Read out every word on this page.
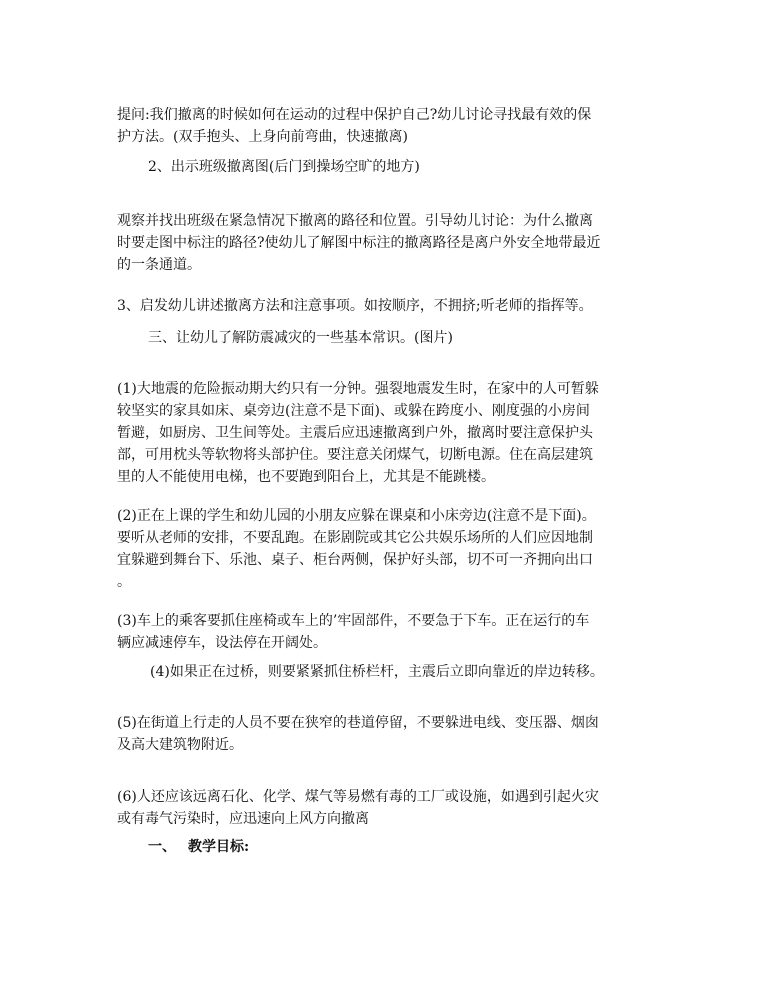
提问:我们撤离的时候如何在运动的过程中保护自己?幼儿讨论寻找最有效的保
护方法。(双手抱头、上身向前弯曲，快速撤离)

2、出示班级撤离图(后门到操场空旷的地方)

观察并找出班级在紧急情况下撤离的路径和位置。引导幼儿讨论：为什么撤离
时要走图中标注的路径?使幼儿了解图中标注的撤离路径是离户外安全地带最近
的一条通道。

3、启发幼儿讲述撤离方法和注意事项。如按顺序，不拥挤;听老师的指挥等。

三、让幼儿了解防震减灾的一些基本常识。(图片)

(1)大地震的危险振动期大约只有一分钟。强裂地震发生时，在家中的人可暂躲
较坚实的家具如床、桌旁边(注意不是下面)、或躲在跨度小、刚度强的小房间
暂避，如厨房、卫生间等处。主震后应迅速撤离到户外，撤离时要注意保护头
部，可用枕头等软物将头部护住。要注意关闭煤气，切断电源。住在高层建筑
里的人不能使用电梯，也不要跑到阳台上，尤其是不能跳楼。

(2)正在上课的学生和幼儿园的小朋友应躲在课桌和小床旁边(注意不是下面)。
要听从老师的安排，不要乱跑。在影剧院或其它公共娱乐场所的人们应因地制
宜躲避到舞台下、乐池、桌子、柜台两侧，保护好头部，切不可一齐拥向出口
。

(3)车上的乘客要抓住座椅或车上的’牢固部件，不要急于下车。正在运行的车
辆应减速停车，设法停在开阔处。

(4)如果正在过桥，则要紧紧抓住桥栏杆，主震后立即向靠近的岸边转移。

(5)在街道上行走的人员不要在狭窄的巷道停留，不要躲进电线、变压器、烟囱
及高大建筑物附近。

(6)人还应该远离石化、化学、煤气等易燃有毒的工厂或设施，如遇到引起火灾
或有毒气污染时，应迅速向上风方向撤离

一、 教学目标:
